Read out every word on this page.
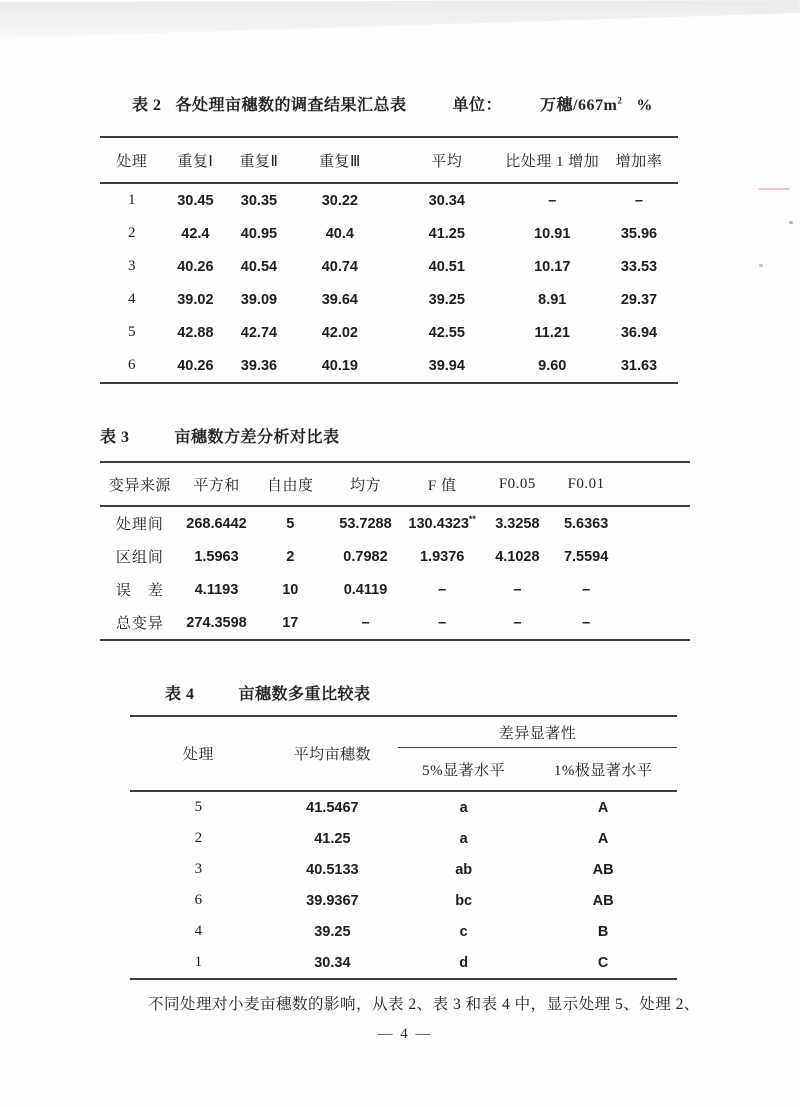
表 2 各处理亩穗数的调查结果汇总表	单位： 万穗$/667m^2$ %
处理	重复Ⅰ	重复Ⅱ	重复Ⅲ	平均	比处理 1 增加	增加率
1	30.45	30.35	30.22	30.34	–	–
2	42.4	40.95	40.4	41.25	10.91	35.96
3	40.26	40.54	40.74	40.51	10.17	33.53
4	39.02	39.09	39.64	39.25	8.91	29.37
5	42.88	42.74	42.02	42.55	11.21	36.94
6	40.26	39.36	40.19	39.94	9.60	31.63
表 3	亩穗数方差分析对比表
变异来源	平方和	自由度	均方	F 值	F0.05	F0.01
处理间	268.6442	5	53.7288	130.4323**	3.3258	5.6363
区组间	1.5963	2	0.7982	1.9376	4.1028	7.5594
误　差	4.1193	10	0.4119	–	–	–
总变异	274.3598	17	–	–	–	–
表 4	亩穗数多重比较表
处理	平均亩穗数	差异显著性	
		5%显著水平	1%极显著水平
5	41.5467	a	A
2	41.25	a	A
3	40.5133	ab	AB
6	39.9367	bc	AB
4	39.25	c	B
1	30.34	d	C

不同处理对小麦亩穗数的影响，从表 2、表 3 和表 4 中，显示处理 5、处理 2、

— 4 —
